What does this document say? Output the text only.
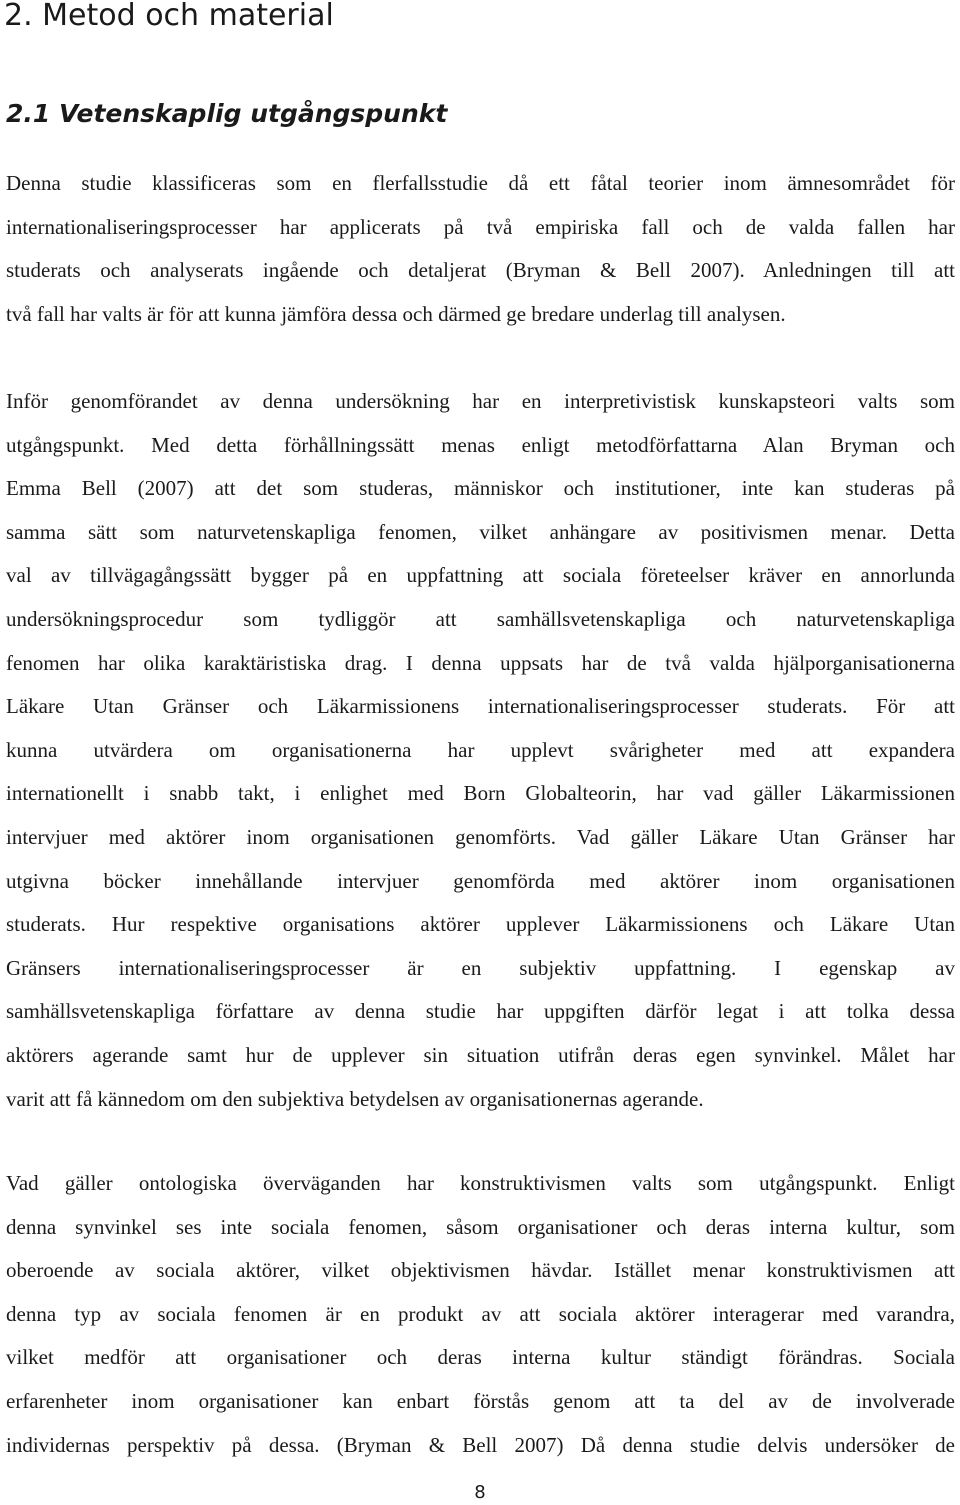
2. Metod och material
2.1 Vetenskaplig utgångspunkt
Denna studie klassificeras som en flerfallsstudie då ett fåtal teorier inom ämnesområdet för
internationaliseringsprocesser har applicerats på två empiriska fall och de valda fallen har
studerats och analyserats ingående och detaljerat (Bryman & Bell 2007). Anledningen till att
två fall har valts är för att kunna jämföra dessa och därmed ge bredare underlag till analysen.
Inför genomförandet av denna undersökning har en interpretivistisk kunskapsteori valts som
utgångspunkt. Med detta förhållningssätt menas enligt metodförfattarna Alan Bryman och
Emma Bell (2007) att det som studeras, människor och institutioner, inte kan studeras på
samma sätt som naturvetenskapliga fenomen, vilket anhängare av positivismen menar. Detta
val av tillvägagångssätt bygger på en uppfattning att sociala företeelser kräver en annorlunda
undersökningsprocedur som tydliggör att samhällsvetenskapliga och naturvetenskapliga
fenomen har olika karaktäristiska drag. I denna uppsats har de två valda hjälporganisationerna
Läkare Utan Gränser och Läkarmissionens internationaliseringsprocesser studerats. För att
kunna utvärdera om organisationerna har upplevt svårigheter med att expandera
internationellt i snabb takt, i enlighet med Born Globalteorin, har vad gäller Läkarmissionen
intervjuer med aktörer inom organisationen genomförts. Vad gäller Läkare Utan Gränser har
utgivna böcker innehållande intervjuer genomförda med aktörer inom organisationen
studerats. Hur respektive organisations aktörer upplever Läkarmissionens och Läkare Utan
Gränsers internationaliseringsprocesser är en subjektiv uppfattning. I egenskap av
samhällsvetenskapliga författare av denna studie har uppgiften därför legat i att tolka dessa
aktörers agerande samt hur de upplever sin situation utifrån deras egen synvinkel. Målet har
varit att få kännedom om den subjektiva betydelsen av organisationernas agerande.
Vad gäller ontologiska överväganden har konstruktivismen valts som utgångspunkt. Enligt
denna synvinkel ses inte sociala fenomen, såsom organisationer och deras interna kultur, som
oberoende av sociala aktörer, vilket objektivismen hävdar. Istället menar konstruktivismen att
denna typ av sociala fenomen är en produkt av att sociala aktörer interagerar med varandra,
vilket medför att organisationer och deras interna kultur ständigt förändras. Sociala
erfarenheter inom organisationer kan enbart förstås genom att ta del av de involverade
individernas perspektiv på dessa. (Bryman & Bell 2007) Då denna studie delvis undersöker de
8
